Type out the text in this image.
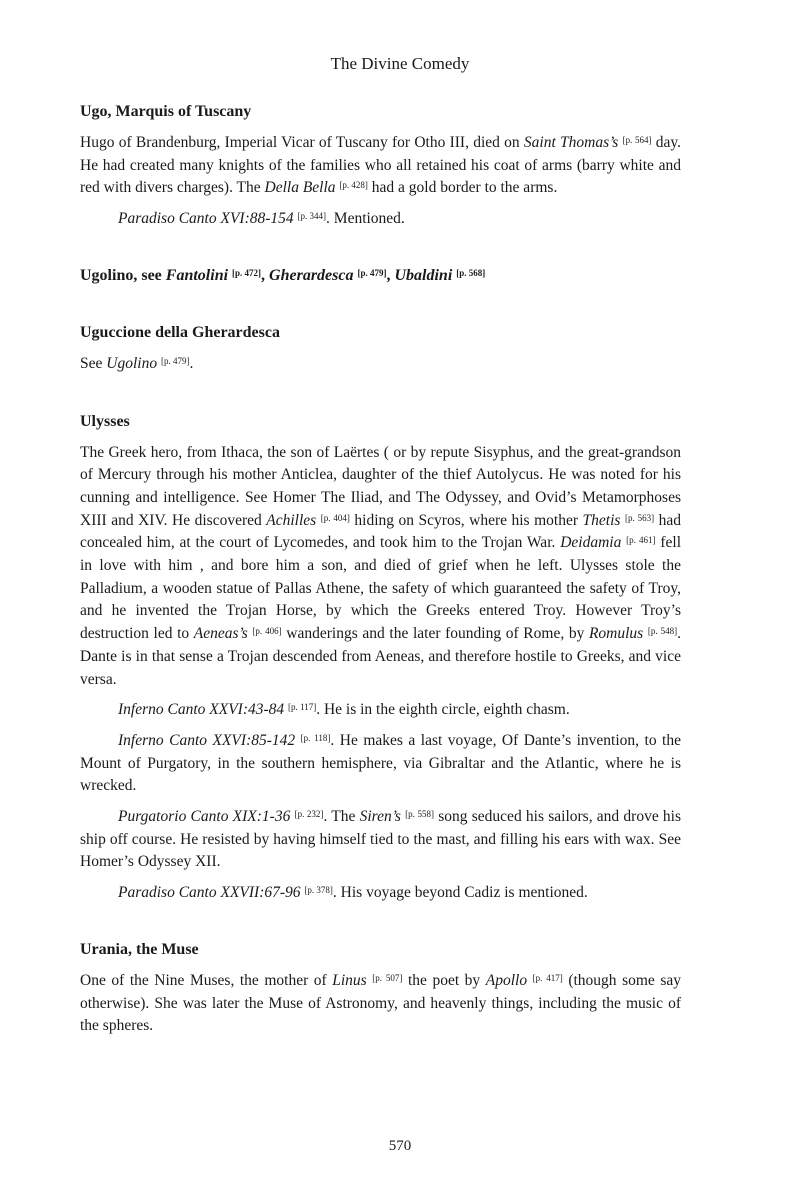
The Divine Comedy
Ugo, Marquis of Tuscany

Hugo of Brandenburg, Imperial Vicar of Tuscany for Otho III, died on Saint Thomas’s [p. 564] day. He had created many knights of the families who all retained his coat of arms (barry white and red with divers charges). The Della Bella [p. 428] had a gold border to the arms.

Paradiso Canto XVI:88-154 [p. 344]. Mentioned.

Ugolino, see Fantolini [p. 472], Gherardesca [p. 479], Ubaldini [p. 568]
Uguccione della Gherardesca

See Ugolino [p. 479].

Ulysses

The Greek hero, from Ithaca, the son of Laërtes ( or by repute Sisyphus, and the great-grandson of Mercury through his mother Anticlea, daughter of the thief Autolycus. He was noted for his cunning and intelligence. See Homer The Iliad, and The Odyssey, and Ovid’s Metamorphoses XIII and XIV. He discovered Achilles [p. 404] hiding on Scyros, where his mother Thetis [p. 563] had concealed him, at the court of Lycomedes, and took him to the Trojan War. Deidamia [p. 461] fell in love with him , and bore him a son, and died of grief when he left. Ulysses stole the Palladium, a wooden statue of Pallas Athene, the safety of which guaranteed the safety of Troy, and he invented the Trojan Horse, by which the Greeks entered Troy. However Troy’s destruction led to Aeneas’s [p. 406] wanderings and the later founding of Rome, by Romulus [p. 548]. Dante is in that sense a Trojan descended from Aeneas, and therefore hostile to Greeks, and vice versa.

Inferno Canto XXVI:43-84 [p. 117]. He is in the eighth circle, eighth chasm.

Inferno Canto XXVI:85-142 [p. 118]. He makes a last voyage, Of Dante’s invention, to the Mount of Purgatory, in the southern hemisphere, via Gibraltar and the Atlantic, where he is wrecked.

Purgatorio Canto XIX:1-36 [p. 232]. The Siren’s [p. 558] song seduced his sailors, and drove his ship off course. He resisted by having himself tied to the mast, and filling his ears with wax. See Homer’s Odyssey XII.

Paradiso Canto XXVII:67-96 [p. 378]. His voyage beyond Cadiz is mentioned.

Urania, the Muse

One of the Nine Muses, the mother of Linus [p. 507] the poet by Apollo [p. 417] (though some say otherwise). She was later the Muse of Astronomy, and heavenly things, including the music of the spheres.

570
